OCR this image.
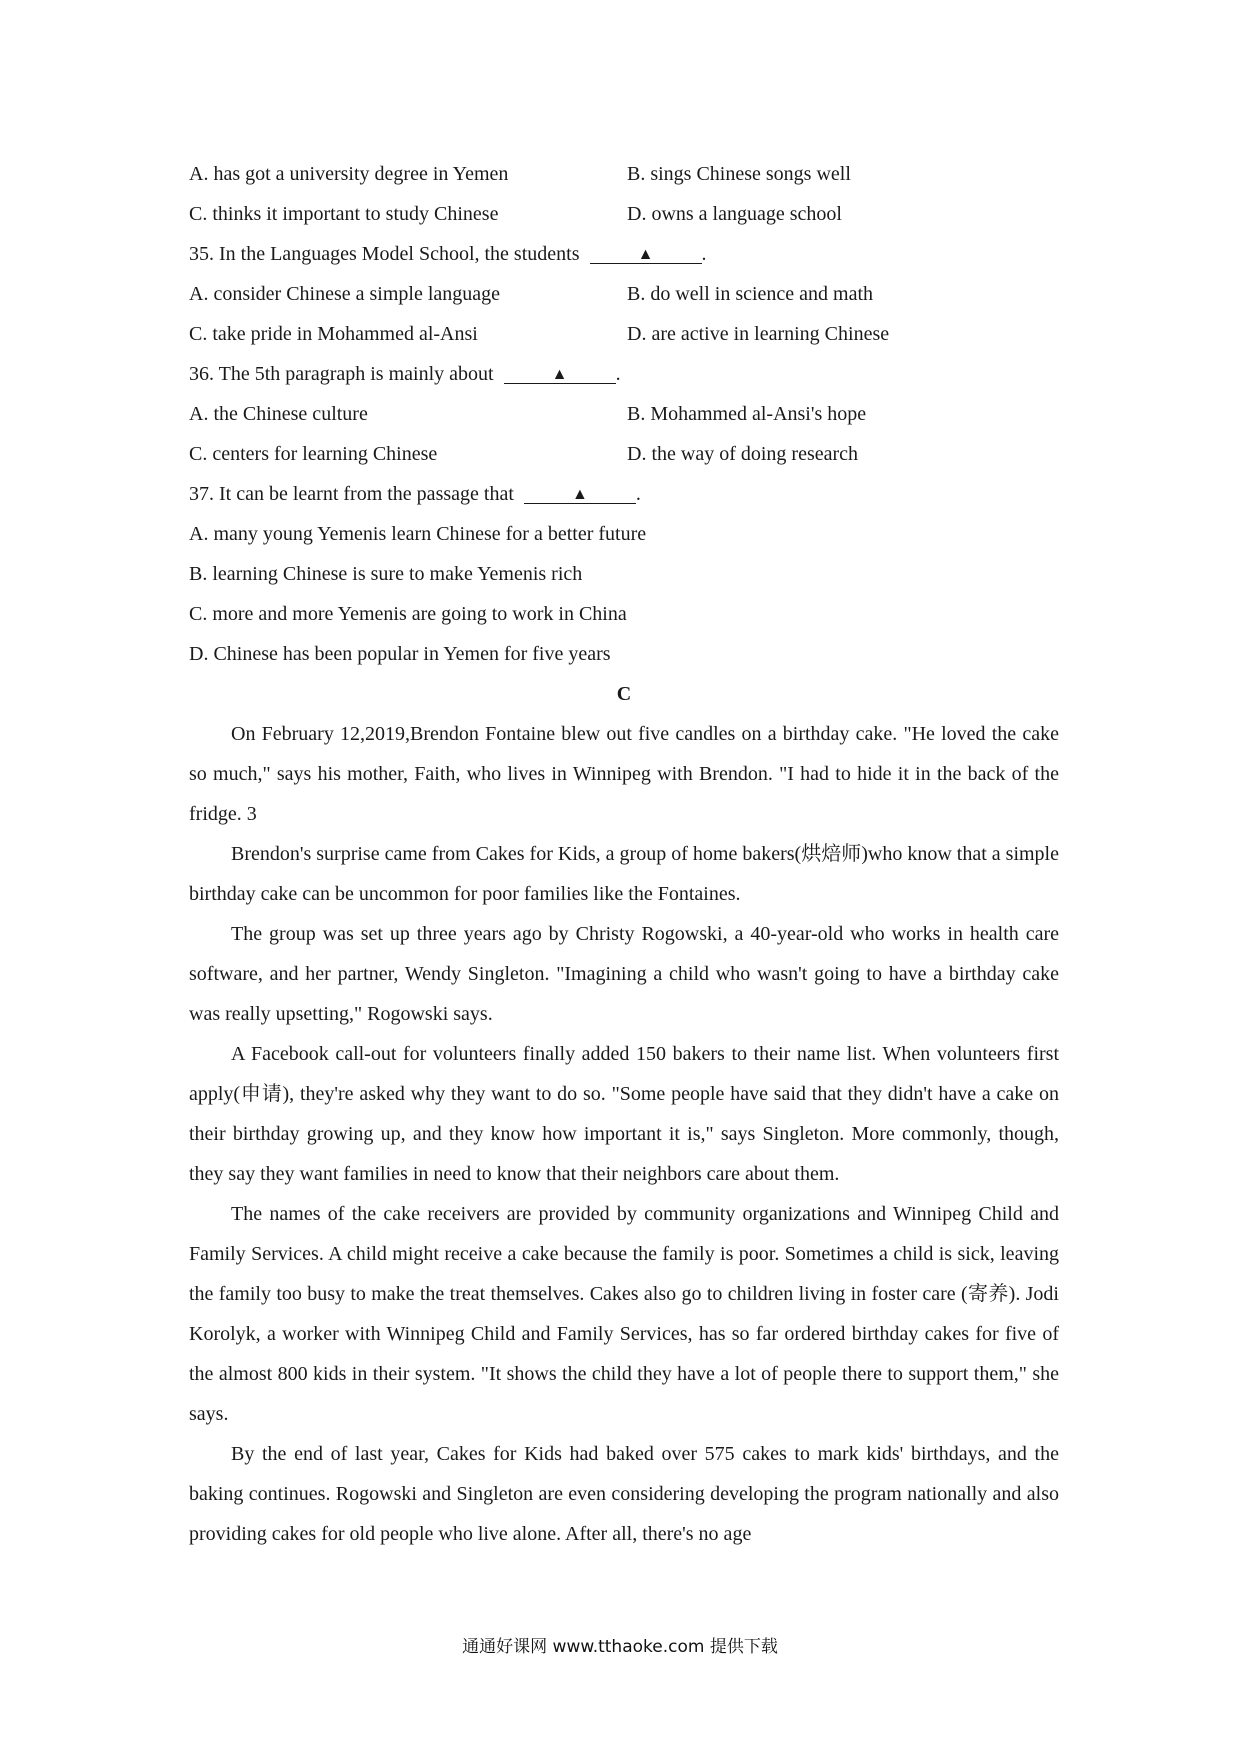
A. has got a university degree in Yemen	B. sings Chinese songs well
C. thinks it important to study Chinese	D. owns a language school
35. In the Languages Model School, the students	▲	.
A. consider Chinese a simple language	B. do well in science and math
C. take pride in Mohammed al-Ansi	D. are active in learning Chinese
36. The 5th paragraph is mainly about	▲	.
A. the Chinese culture	B. Mohammed al-Ansi's hope
C. centers for learning Chinese	D. the way of doing research
37. It can be learnt from the passage that	▲	.
A. many young Yemenis learn Chinese for a better future
B. learning Chinese is sure to make Yemenis rich
C. more and more Yemenis are going to work in China
D. Chinese has been popular in Yemen for five years
C

On February 12,2019,Brendon Fontaine blew out five candles on a birthday cake. "He loved the cake so much," says his mother, Faith, who lives in Winnipeg with Brendon. "I had to hide it in the back of the fridge. 3

Brendon's surprise came from Cakes for Kids, a group of home bakers(烘焙师)who know that a simple birthday cake can be uncommon for poor families like the Fontaines.

The group was set up three years ago by Christy Rogowski, a 40-year-old who works in health care software, and her partner, Wendy Singleton. "Imagining a child who wasn't going to have a birthday cake was really upsetting," Rogowski says.

A Facebook call-out for volunteers finally added 150 bakers to their name list. When volunteers first apply(申请), they're asked why they want to do so. "Some people have said that they didn't have a cake on their birthday growing up, and they know how important it is," says Singleton. More commonly, though, they say they want families in need to know that their neighbors care about them.

The names of the cake receivers are provided by community organizations and Winnipeg Child and Family Services. A child might receive a cake because the family is poor. Sometimes a child is sick, leaving the family too busy to make the treat themselves. Cakes also go to children living in foster care (寄养). Jodi Korolyk, a worker with Winnipeg Child and Family Services, has so far ordered birthday cakes for five of the almost 800 kids in their system. "It shows the child they have a lot of people there to support them," she says.

By the end of last year, Cakes for Kids had baked over 575 cakes to mark kids' birthdays, and the baking continues. Rogowski and Singleton are even considering developing the program nationally and also providing cakes for old people who live alone. After all, there's no age

通通好课网 www.tthaoke.com 提供下载
